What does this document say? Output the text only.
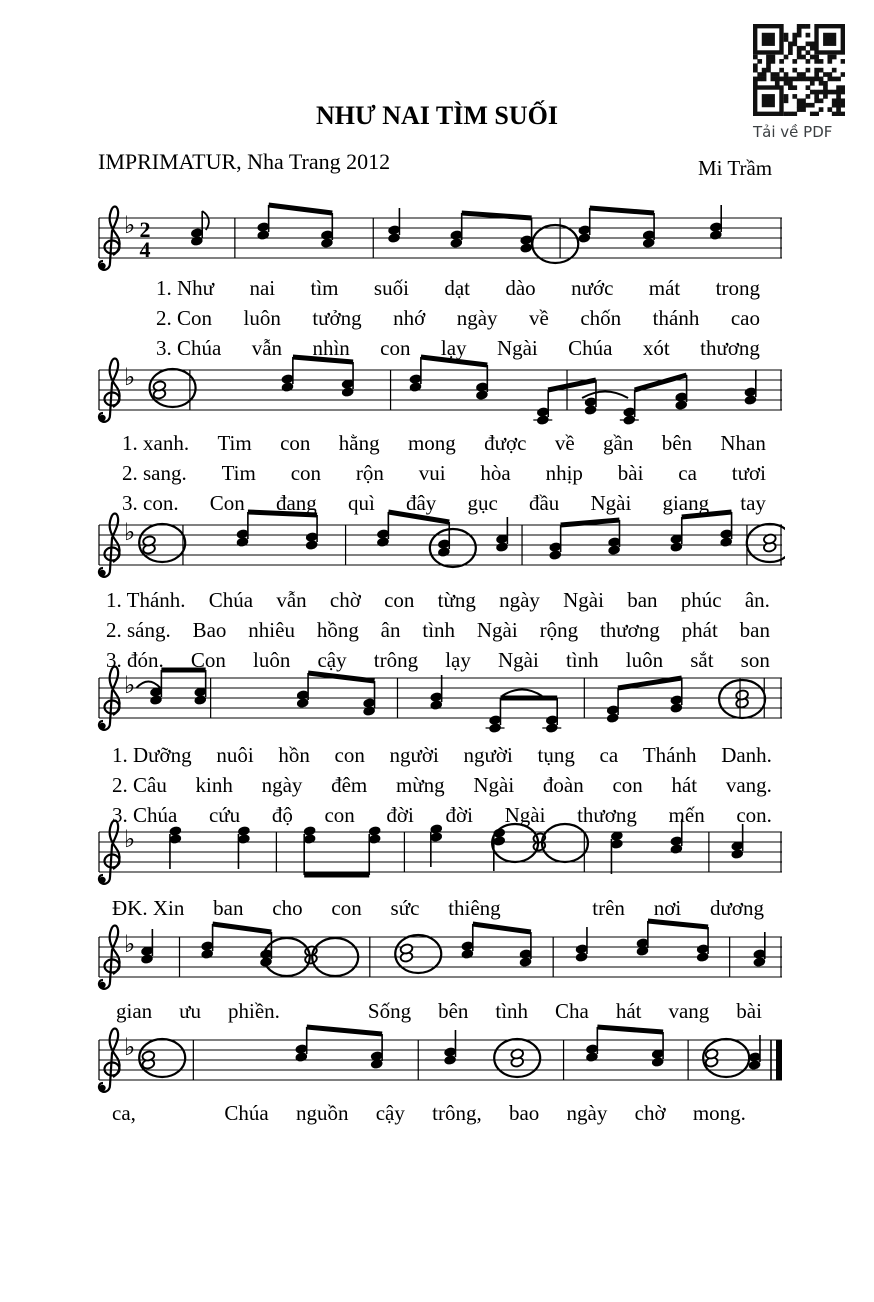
NHƯ NAI TÌM SUỐI
IMPRIMATUR, Nha Trang 2012	Mi Trầm
Tải về PDF
♭ 2
4
♭
♭
♭
♭
♭
♭
1. Như nai tìm suối dạt dào nước mát trong
2. Con luôn tưởng nhớ ngày về chốn thánh cao
3. Chúa vẫn nhìn con lạy Ngài Chúa xót thương
1. xanh. Tim con hằng mong được về gần bên Nhan
2. sang. Tim con rộn vui hòa nhịp bài ca tươi
3. con. Con đang quì đây gục đầu Ngài giang tay
1. Thánh. Chúa vẫn chờ con từng ngày Ngài ban phúc ân.
2. sáng. Bao nhiêu hồng ân tình Ngài rộng thương phát ban
3. đón. Con luôn cậy trông lạy Ngài tình luôn sắt son
1. Dưỡng nuôi hồn con người người tụng ca Thánh Danh.
2. Câu kinh ngày đêm mừng Ngài đoàn con hát vang.
3. Chúa cứu độ con đời đời Ngài thương mến con.
ĐK. Xin ban cho con sức thiêng	trên nơi dương
gian ưu phiền.	Sống bên tình Cha hát vang bài
ca,	Chúa nguồn cậy trông, bao ngày chờ mong.
